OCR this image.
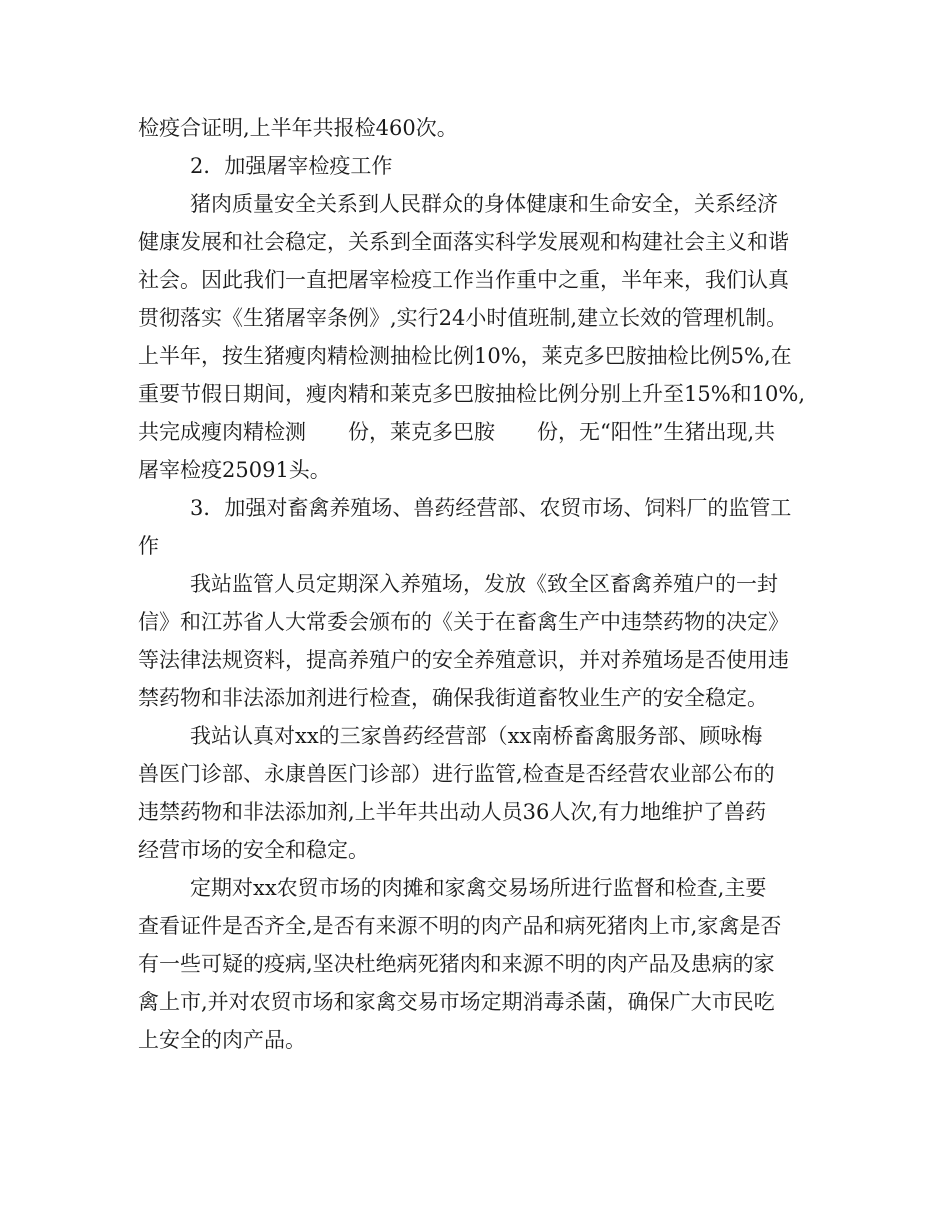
检疫合证明,上半年共报检460次。
2．加强屠宰检疫工作
猪肉质量安全关系到人民群众的身体健康和生命安全，关系经济
健康发展和社会稳定，关系到全面落实科学发展观和构建社会主义和谐
社会。因此我们一直把屠宰检疫工作当作重中之重，半年来，我们认真
贯彻落实《生猪屠宰条例》,实行24小时值班制,建立长效的管理机制。
上半年，按生猪瘦肉精检测抽检比例10%，莱克多巴胺抽检比例5%,在
重要节假日期间，瘦肉精和莱克多巴胺抽检比例分别上升至15%和10%,
共完成瘦肉精检测　　份，莱克多巴胺　　份，无“阳性”生猪出现,共
屠宰检疫25091头。
3．加强对畜禽养殖场、兽药经营部、农贸市场、饲料厂的监管工
作
我站监管人员定期深入养殖场，发放《致全区畜禽养殖户的一封
信》和江苏省人大常委会颁布的《关于在畜禽生产中违禁药物的决定》
等法律法规资料，提高养殖户的安全养殖意识，并对养殖场是否使用违
禁药物和非法添加剂进行检查，确保我街道畜牧业生产的安全稳定。
我站认真对xx的三家兽药经营部（xx南桥畜禽服务部、顾咏梅
兽医门诊部、永康兽医门诊部）进行监管,检查是否经营农业部公布的
违禁药物和非法添加剂,上半年共出动人员36人次,有力地维护了兽药
经营市场的安全和稳定。
定期对xx农贸市场的肉摊和家禽交易场所进行监督和检查,主要
查看证件是否齐全,是否有来源不明的肉产品和病死猪肉上市,家禽是否
有一些可疑的疫病,坚决杜绝病死猪肉和来源不明的肉产品及患病的家
禽上市,并对农贸市场和家禽交易市场定期消毒杀菌，确保广大市民吃
上安全的肉产品。
